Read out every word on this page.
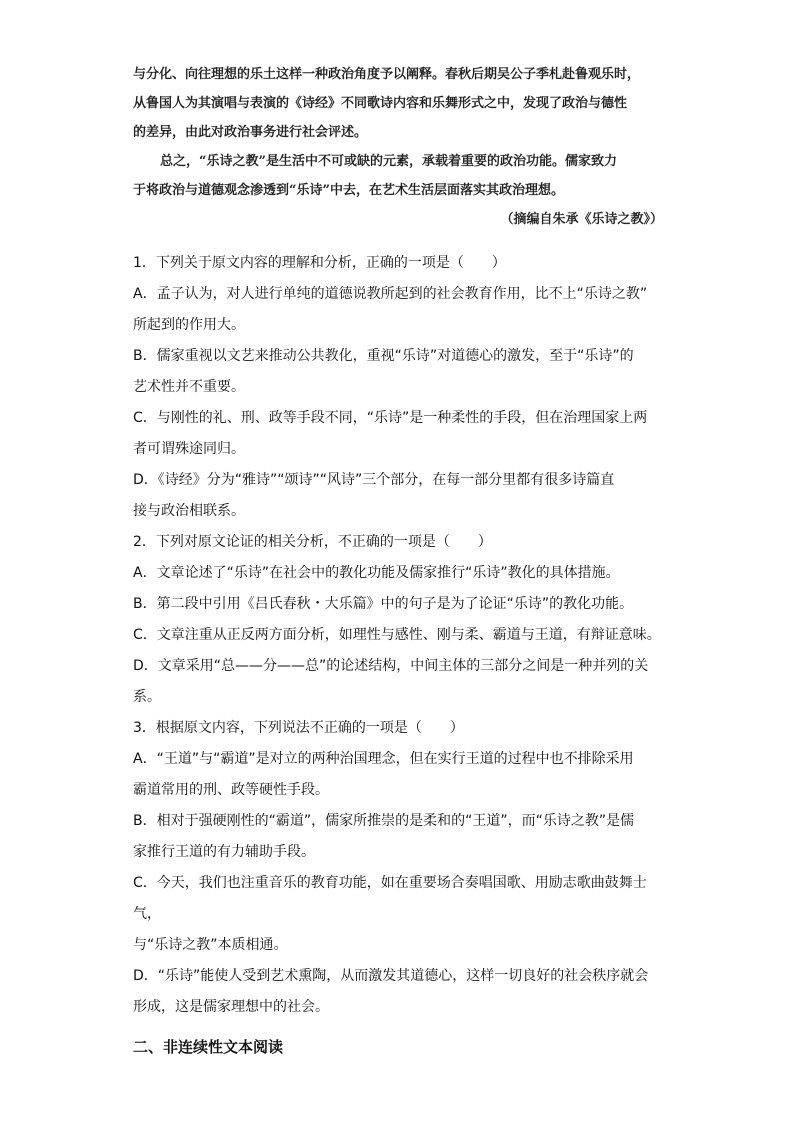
与分化、向往理想的乐土这样一种政治角度予以阐释。春秋后期吴公子季札赴鲁观乐时，

从鲁国人为其演唱与表演的《诗经》不同歌诗内容和乐舞形式之中，发现了政治与德性

的差异，由此对政治事务进行社会评述。

总之，“乐诗之教”是生活中不可或缺的元素，承载着重要的政治功能。儒家致力

于将政治与道德观念渗透到“乐诗”中去，在艺术生活层面落实其政治理想。

（摘编自朱承《乐诗之教》）

1．下列关于原文内容的理解和分析，正确的一项是（　　）
A．孟子认为，对人进行单纯的道德说教所起到的社会教育作用，比不上“乐诗之教”
所起到的作用大。
B．儒家重视以文艺来推动公共教化，重视“乐诗”对道德心的激发，至于“乐诗”的
艺术性并不重要。
C．与刚性的礼、刑、政等手段不同，“乐诗”是一种柔性的手段，但在治理国家上两
者可谓殊途同归。
D．《诗经》分为“雅诗”“颂诗”“风诗”三个部分，在每一部分里都有很多诗篇直
接与政治相联系。
2．下列对原文论证的相关分析，不正确的一项是（　　）
A．文章论述了“乐诗”在社会中的教化功能及儒家推行“乐诗”教化的具体措施。
B．第二段中引用《吕氏春秋・大乐篇》中的句子是为了论证“乐诗”的教化功能。
C．文章注重从正反两方面分析，如理性与感性、刚与柔、霸道与王道，有辩证意味。
D．文章采用“总——分——总”的论述结构，中间主体的三部分之间是一种并列的关
系。
3．根据原文内容，下列说法不正确的一项是（　　）
A．“王道”与“霸道”是对立的两种治国理念，但在实行王道的过程中也不排除采用
霸道常用的刑、政等硬性手段。
B．相对于强硬刚性的“霸道”，儒家所推崇的是柔和的“王道”，而“乐诗之教”是儒
家推行王道的有力辅助手段。
C．今天，我们也注重音乐的教育功能，如在重要场合奏唱国歌、用励志歌曲鼓舞士气，
与“乐诗之教”本质相通。
D．“乐诗”能使人受到艺术熏陶，从而激发其道德心，这样一切良好的社会秩序就会
形成，这是儒家理想中的社会。
二、非连续性文本阅读
